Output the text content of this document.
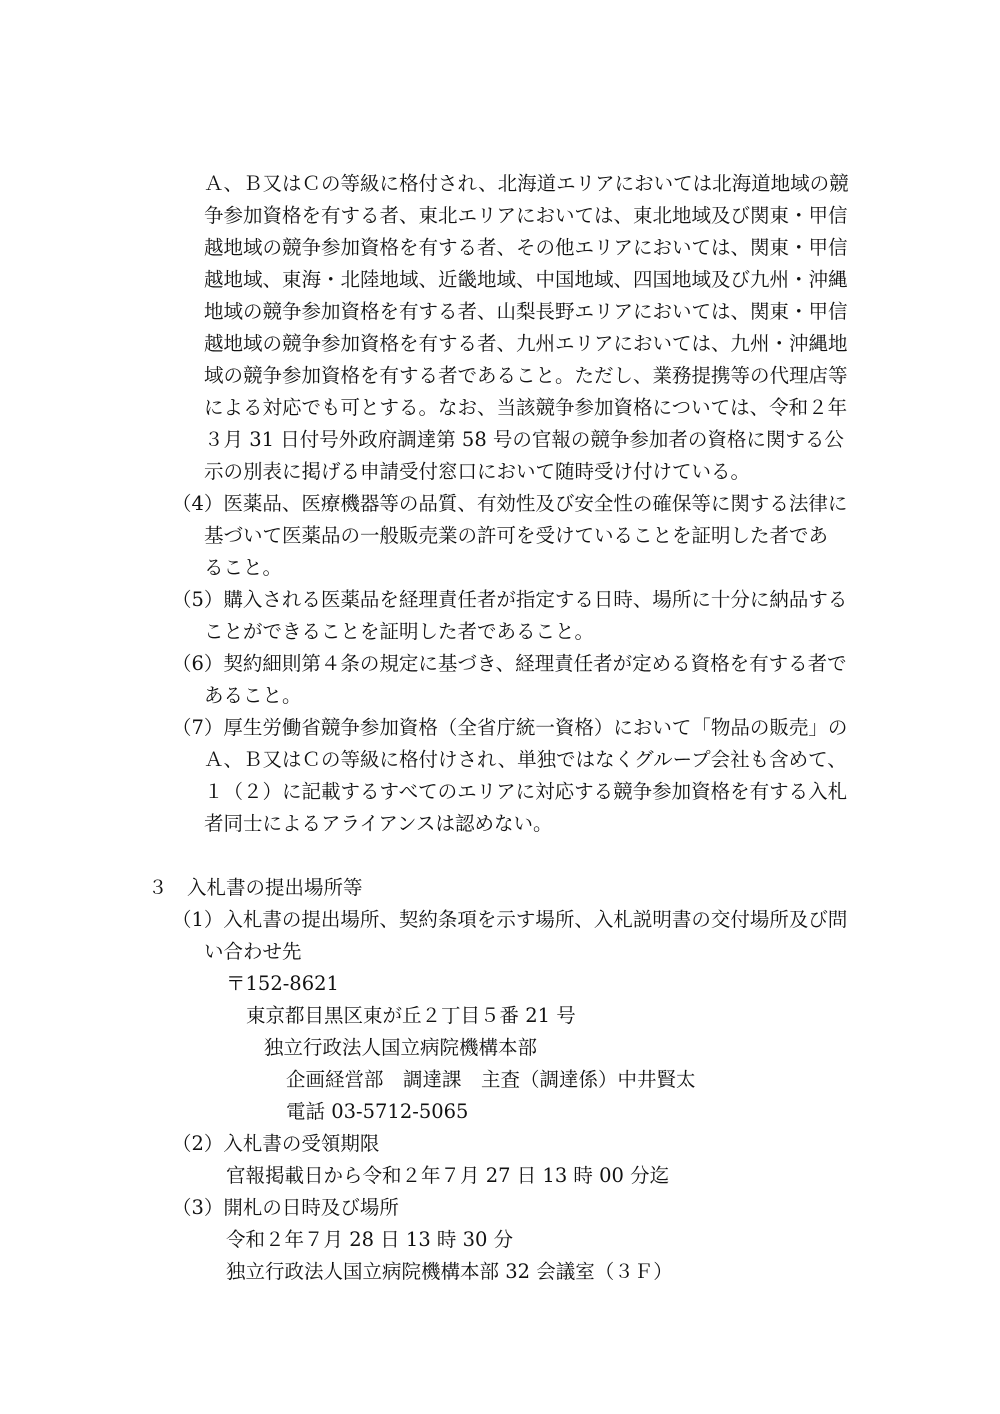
Ａ、Ｂ又はＣの等級に格付され、北海道エリアにおいては北海道地域の競
争参加資格を有する者、東北エリアにおいては、東北地域及び関東・甲信
越地域の競争参加資格を有する者、その他エリアにおいては、関東・甲信
越地域、東海・北陸地域、近畿地域、中国地域、四国地域及び九州・沖縄
地域の競争参加資格を有する者、山梨長野エリアにおいては、関東・甲信
越地域の競争参加資格を有する者、九州エリアにおいては、九州・沖縄地
域の競争参加資格を有する者であること。ただし、業務提携等の代理店等
による対応でも可とする。なお、当該競争参加資格については、令和２年
３月 31 日付号外政府調達第 58 号の官報の競争参加者の資格に関する公
示の別表に掲げる申請受付窓口において随時受け付けている。
（4）医薬品、医療機器等の品質、有効性及び安全性の確保等に関する法律に
基づいて医薬品の一般販売業の許可を受けていることを証明した者であ
ること。
（5）購入される医薬品を経理責任者が指定する日時、場所に十分に納品する
ことができることを証明した者であること。
（6）契約細則第４条の規定に基づき、経理責任者が定める資格を有する者で
あること。
（7）厚生労働省競争参加資格（全省庁統一資格）において「物品の販売」の
Ａ、Ｂ又はＣの等級に格付けされ、単独ではなくグループ会社も含めて、
１（２）に記載するすべてのエリアに対応する競争参加資格を有する入札
者同士によるアライアンスは認めない。
３　入札書の提出場所等
（1）入札書の提出場所、契約条項を示す場所、入札説明書の交付場所及び問
い合わせ先
〒152-8621
東京都目黒区東が丘２丁目５番 21 号
独立行政法人国立病院機構本部
企画経営部　調達課　主査（調達係）中井賢太
電話 03-5712-5065
（2）入札書の受領期限
官報掲載日から令和２年７月 27 日 13 時 00 分迄
（3）開札の日時及び場所
令和２年７月 28 日 13 時 30 分
独立行政法人国立病院機構本部 32 会議室（３Ｆ）
